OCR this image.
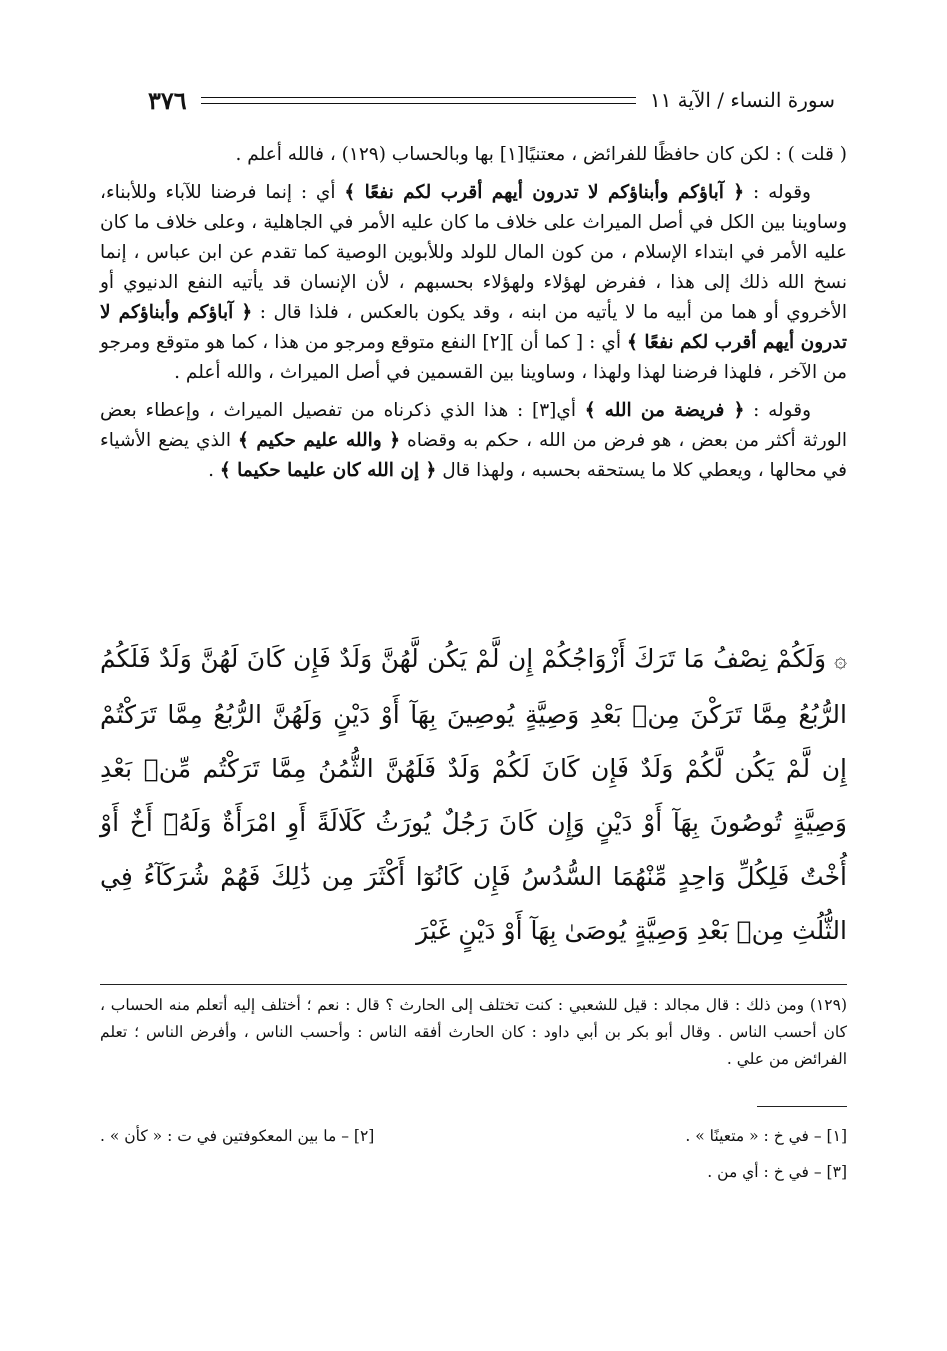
سورة النساء / الآية ١١
٣٧٦

( قلت ) : لكن كان حافظًا للفرائض ، معتنيًا[١] بها وبالحساب (١٢٩) ، فالله أعلم .

وقوله : ﴿ آباؤكم وأبناؤكم لا تدرون أيهم أقرب لكم نفعًا ﴾ أي : إنما فرضنا للآباء وللأبناء، وساوينا بين الكل في أصل الميراث على خلاف ما كان عليه الأمر في الجاهلية ، وعلى خلاف ما كان عليه الأمر في ابتداء الإسلام ، من كون المال للولد وللأبوين الوصية كما تقدم عن ابن عباس ، إنما نسخ الله ذلك إلى هذا ، ففرض لهؤلاء ولهؤلاء بحسبهم ، لأن الإنسان قد يأتيه النفع الدنيوي أو الأخروي أو هما من أبيه ما لا يأتيه من ابنه ، وقد يكون بالعكس ، فلذا قال : ﴿ آباؤكم وأبناؤكم لا تدرون أيهم أقرب لكم نفعًا ﴾ أي : [ كما أن ][٢] النفع متوقع ومرجو من هذا ، كما هو متوقع ومرجو من الآخر ، فلهذا فرضنا لهذا ولهذا ، وساوينا بين القسمين في أصل الميراث ، والله أعلم .

وقوله : ﴿ فريضة من الله ﴾ أي[٣] : هذا الذي ذكرناه من تفصيل الميراث ، وإعطاء بعض الورثة أكثر من بعض ، هو فرض من الله ، حكم به وقضاه ﴿ والله عليم حكيم ﴾ الذي يضع الأشياء في محالها ، ويعطي كلا ما يستحقه بحسبه ، ولهذا قال ﴿ إن الله كان عليما حكيما ﴾ .

۞وَلَكُمْ نِصْفُ مَا تَرَكَ أَزْوَاجُكُمْ إِن لَّمْ يَكُن لَّهُنَّ وَلَدٌ فَإِن كَانَ لَهُنَّ وَلَدٌ فَلَكُمُ الرُّبُعُ مِمَّا تَرَكْنَ مِنۢ بَعْدِ وَصِيَّةٍ يُوصِينَ بِهَآ أَوْ دَيْنٍ وَلَهُنَّ الرُّبُعُ مِمَّا تَرَكْتُمْ إِن لَّمْ يَكُن لَّكُمْ وَلَدٌ فَإِن كَانَ لَكُمْ وَلَدٌ فَلَهُنَّ الثُّمُنُ مِمَّا تَرَكْتُم مِّنۢ بَعْدِ وَصِيَّةٍ تُوصُونَ بِهَآ أَوْ دَيْنٍ وَإِن كَانَ رَجُلٌ يُورَثُ كَلَالَةً أَوِ امْرَأَةٌ وَلَهُۥٓ أَخٌ أَوْ أُخْتٌ فَلِكُلِّ وَاحِدٍ مِّنْهُمَا السُّدُسُ فَإِن كَانُوٓا أَكْثَرَ مِن ذَٰلِكَ فَهُمْ شُرَكَآءُ فِي الثُّلُثِ مِنۢ بَعْدِ وَصِيَّةٍ يُوصَىٰ بِهَآ أَوْ دَيْنٍ غَيْرَ
(١٢٩) ومن ذلك : قال مجالد : قيل للشعبي : كنت تختلف إلى الحارث ؟ قال : نعم ؛ أختلف إليه أتعلم منه الحساب ، كان أحسب الناس . وقال أبو بكر بن أبي داود : كان الحارث أفقه الناس : وأحسب الناس ، وأفرض الناس ؛ تعلم الفرائض من علي .
[١] – في خ : « متعينًا » .
[٢] – ما بين المعكوفتين في ت : « كأن » .
[٣] – في خ : أي من .
